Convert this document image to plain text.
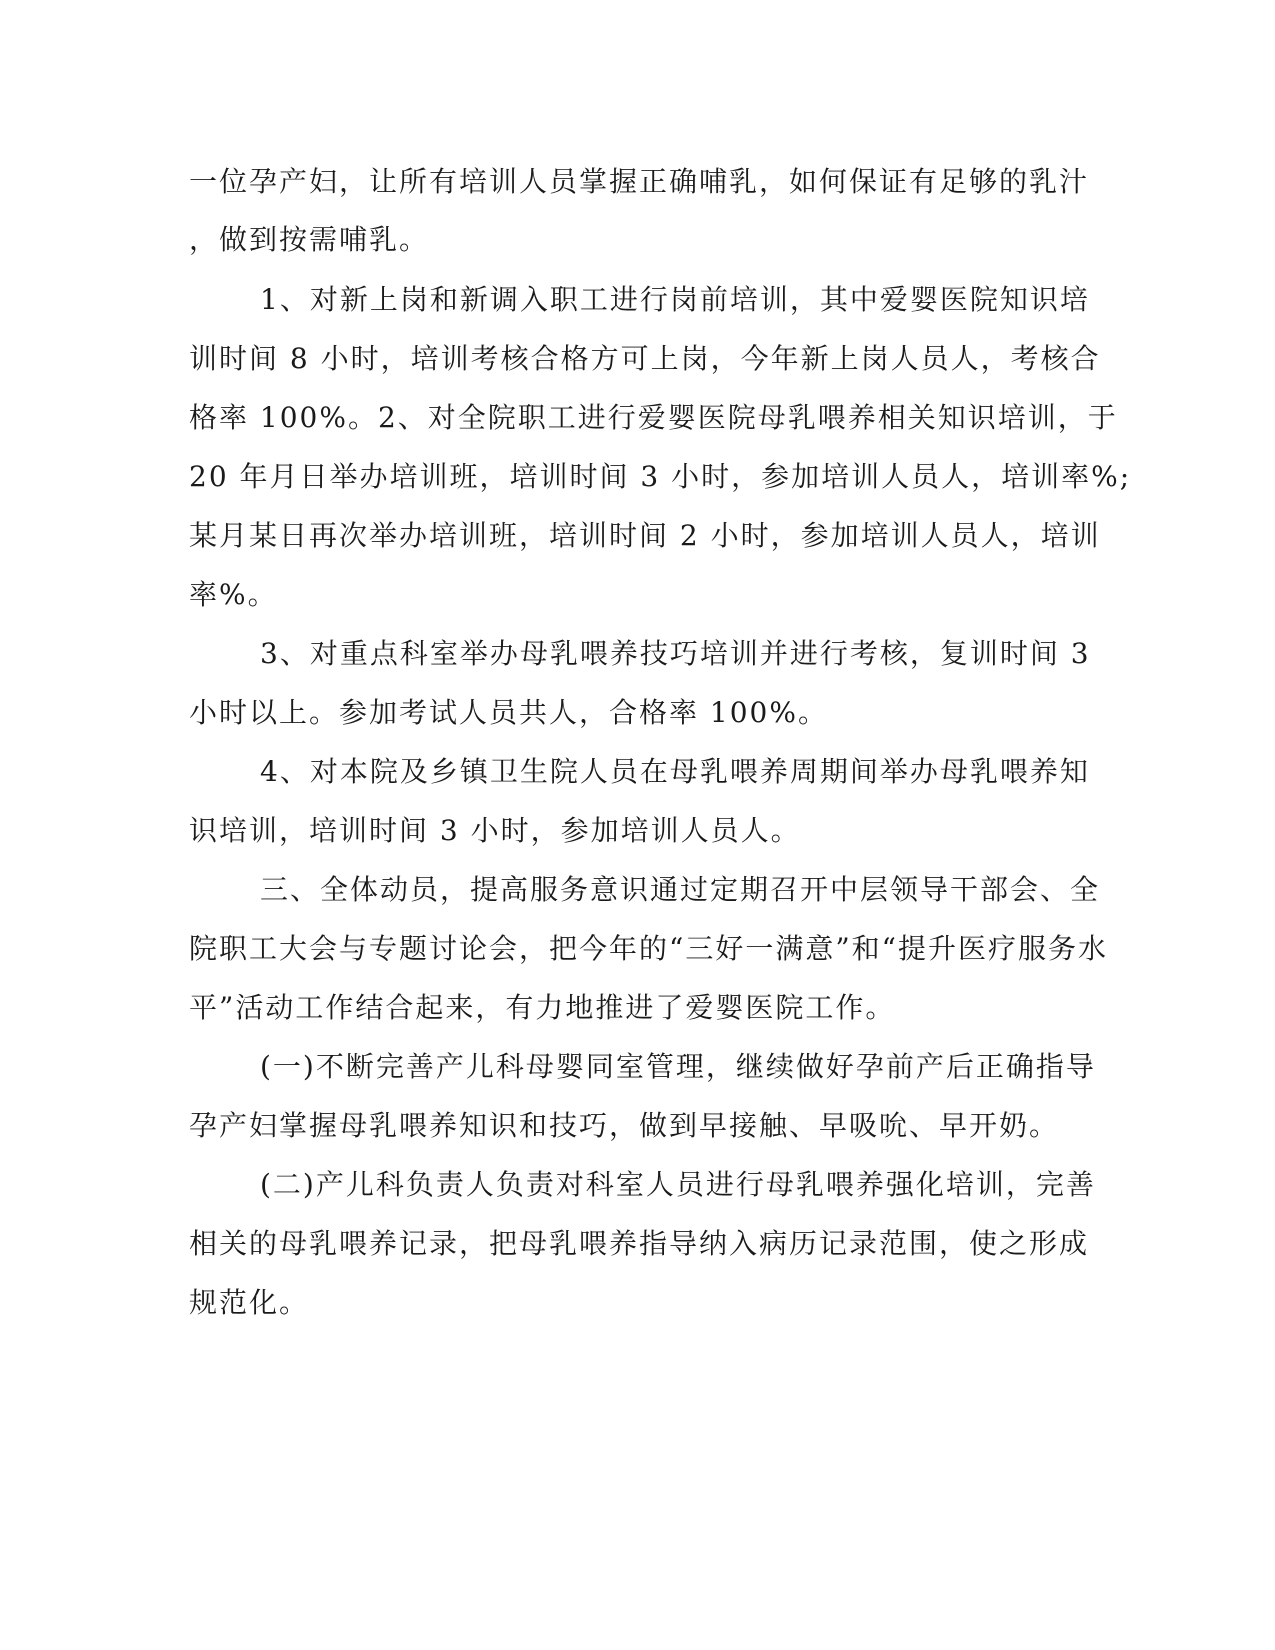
一位孕产妇，让所有培训人员掌握正确哺乳，如何保证有足够的乳汁
，做到按需哺乳。
1、对新上岗和新调入职工进行岗前培训，其中爱婴医院知识培
训时间 8 小时，培训考核合格方可上岗，今年新上岗人员人，考核合
格率 100%。2、对全院职工进行爱婴医院母乳喂养相关知识培训，于
20 年月日举办培训班，培训时间 3 小时，参加培训人员人，培训率%;
某月某日再次举办培训班，培训时间 2 小时，参加培训人员人，培训
率%。
3、对重点科室举办母乳喂养技巧培训并进行考核，复训时间 3
小时以上。参加考试人员共人，合格率 100%。
4、对本院及乡镇卫生院人员在母乳喂养周期间举办母乳喂养知
识培训，培训时间 3 小时，参加培训人员人。
三、全体动员，提高服务意识通过定期召开中层领导干部会、全
院职工大会与专题讨论会，把今年的“三好一满意”和“提升医疗服务水
平”活动工作结合起来，有力地推进了爱婴医院工作。
(一)不断完善产儿科母婴同室管理，继续做好孕前产后正确指导
孕产妇掌握母乳喂养知识和技巧，做到早接触、早吸吮、早开奶。
(二)产儿科负责人负责对科室人员进行母乳喂养强化培训，完善
相关的母乳喂养记录，把母乳喂养指导纳入病历记录范围，使之形成
规范化。
